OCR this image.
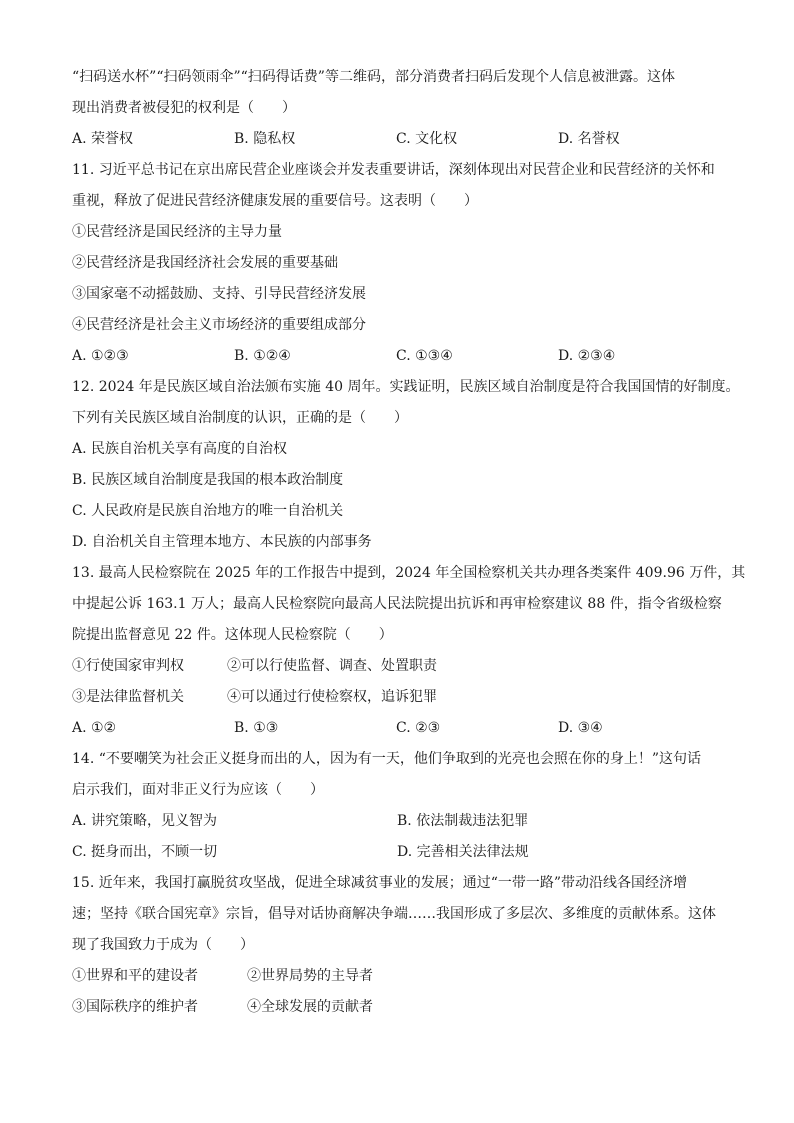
“扫码送水杯”“扫码领雨伞”“扫码得话费”等二维码，部分消费者扫码后发现个人信息被泄露。这体
现出消费者被侵犯的权利是（　　）
A. 荣誉权	B. 隐私权	C. 文化权	D. 名誉权
11. 习近平总书记在京出席民营企业座谈会并发表重要讲话，深刻体现出对民营企业和民营经济的关怀和
重视，释放了促进民营经济健康发展的重要信号。这表明（　　）
①民营经济是国民经济的主导力量
②民营经济是我国经济社会发展的重要基础
③国家毫不动摇鼓励、支持、引导民营经济发展
④民营经济是社会主义市场经济的重要组成部分
A. ①②③	B. ①②④	C. ①③④	D. ②③④
12. 2024 年是民族区域自治法颁布实施 40 周年。实践证明，民族区域自治制度是符合我国国情的好制度。
下列有关民族区域自治制度的认识，正确的是（　　）
A. 民族自治机关享有高度的自治权
B. 民族区域自治制度是我国的根本政治制度
C. 人民政府是民族自治地方的唯一自治机关
D. 自治机关自主管理本地方、本民族的内部事务
13. 最高人民检察院在 2025 年的工作报告中提到，2024 年全国检察机关共办理各类案件 409.96 万件，其
中提起公诉 163.1 万人；最高人民检察院向最高人民法院提出抗诉和再审检察建议 88 件，指令省级检察
院提出监督意见 22 件。这体现人民检察院（　　）
①行使国家审判权	②可以行使监督、调查、处置职责
③是法律监督机关	④可以通过行使检察权，追诉犯罪
A. ①②	B. ①③	C. ②③	D. ③④
14. “不要嘲笑为社会正义挺身而出的人，因为有一天，他们争取到的光亮也会照在你的身上！”这句话
启示我们，面对非正义行为应该（　　）
A. 讲究策略，见义智为	B. 依法制裁违法犯罪
C. 挺身而出，不顾一切	D. 完善相关法律法规
15. 近年来，我国打赢脱贫攻坚战，促进全球减贫事业的发展；通过“一带一路”带动沿线各国经济增
速；坚持《联合国宪章》宗旨，倡导对话协商解决争端……我国形成了多层次、多维度的贡献体系。这体
现了我国致力于成为（　　）
①世界和平的建设者	②世界局势的主导者
③国际秩序的维护者	④全球发展的贡献者
